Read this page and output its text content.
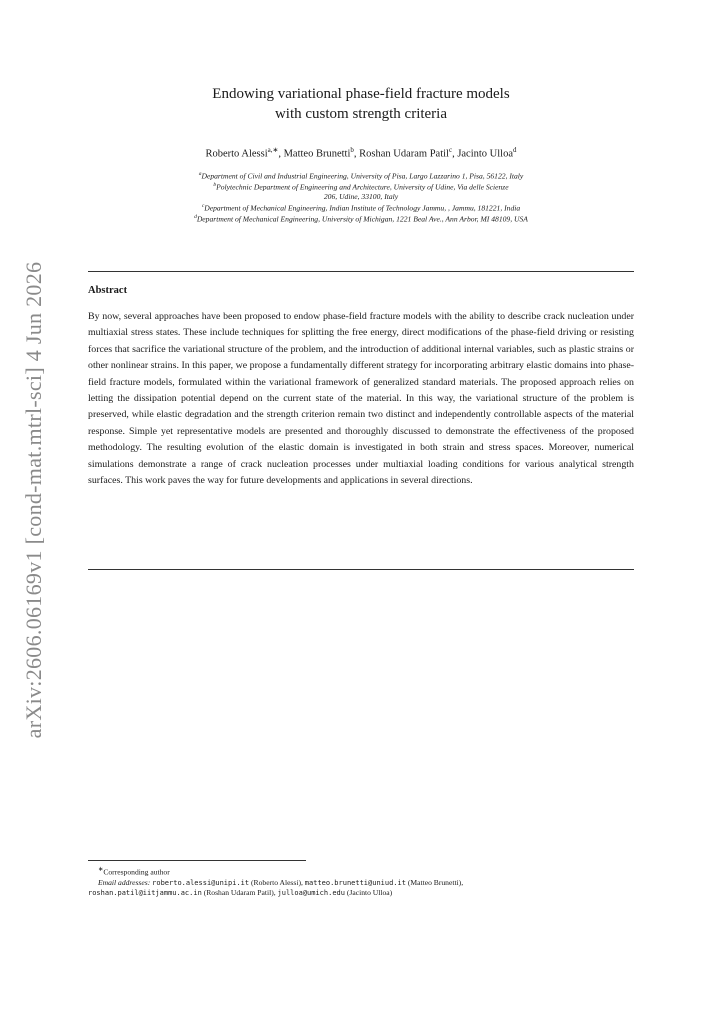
arXiv:2606.06169v1 [cond-mat.mtrl-sci] 4 Jun 2026
Endowing variational phase-field fracture models
with custom strength criteria
Roberto Alessi$^{a,∗}$, Matteo Brunetti$^b$, Roshan Udaram Patil$^c$, Jacinto Ulloa$^d$
$^a$Department of Civil and Industrial Engineering, University of Pisa, Largo Lazzarino 1, Pisa, 56122, Italy
$^b$Polytechnic Department of Engineering and Architecture, University of Udine, Via delle Scienze
206, Udine, 33100, Italy
$^c$Department of Mechanical Engineering, Indian Institute of Technology Jammu, , Jammu, 181221, India
$^d$Department of Mechanical Engineering, University of Michigan, 1221 Beal Ave., Ann Arbor, MI 48109, USA
Abstract
By now, several approaches have been proposed to endow phase-field fracture models with the ability to describe crack nucleation under multiaxial stress states. These include techniques for splitting the free energy, direct modifications of the phase-field driving or resisting forces that sacrifice the variational structure of the problem, and the introduction of additional internal variables, such as plastic strains or other nonlinear strains. In this paper, we propose a fundamentally different strategy for incorporating arbitrary elastic domains into phase-field fracture models, formulated within the variational framework of generalized standard materials. The proposed approach relies on letting the dissipation potential depend on the current state of the material. In this way, the variational structure of the problem is preserved, while elastic degradation and the strength criterion remain two distinct and independently controllable aspects of the material response. Simple yet representative models are presented and thoroughly discussed to demonstrate the effectiveness of the proposed methodology. The resulting evolution of the elastic domain is investigated in both strain and stress spaces. Moreover, numerical simulations demonstrate a range of crack nucleation processes under multiaxial loading conditions for various analytical strength surfaces. This work paves the way for future developments and applications in several directions.
∗Corresponding author
Email addresses: roberto.alessi@unipi.it (Roberto Alessi), matteo.brunetti@uniud.it (Matteo Brunetti),
roshan.patil@iitjammu.ac.in (Roshan Udaram Patil), julloa@umich.edu (Jacinto Ulloa)
